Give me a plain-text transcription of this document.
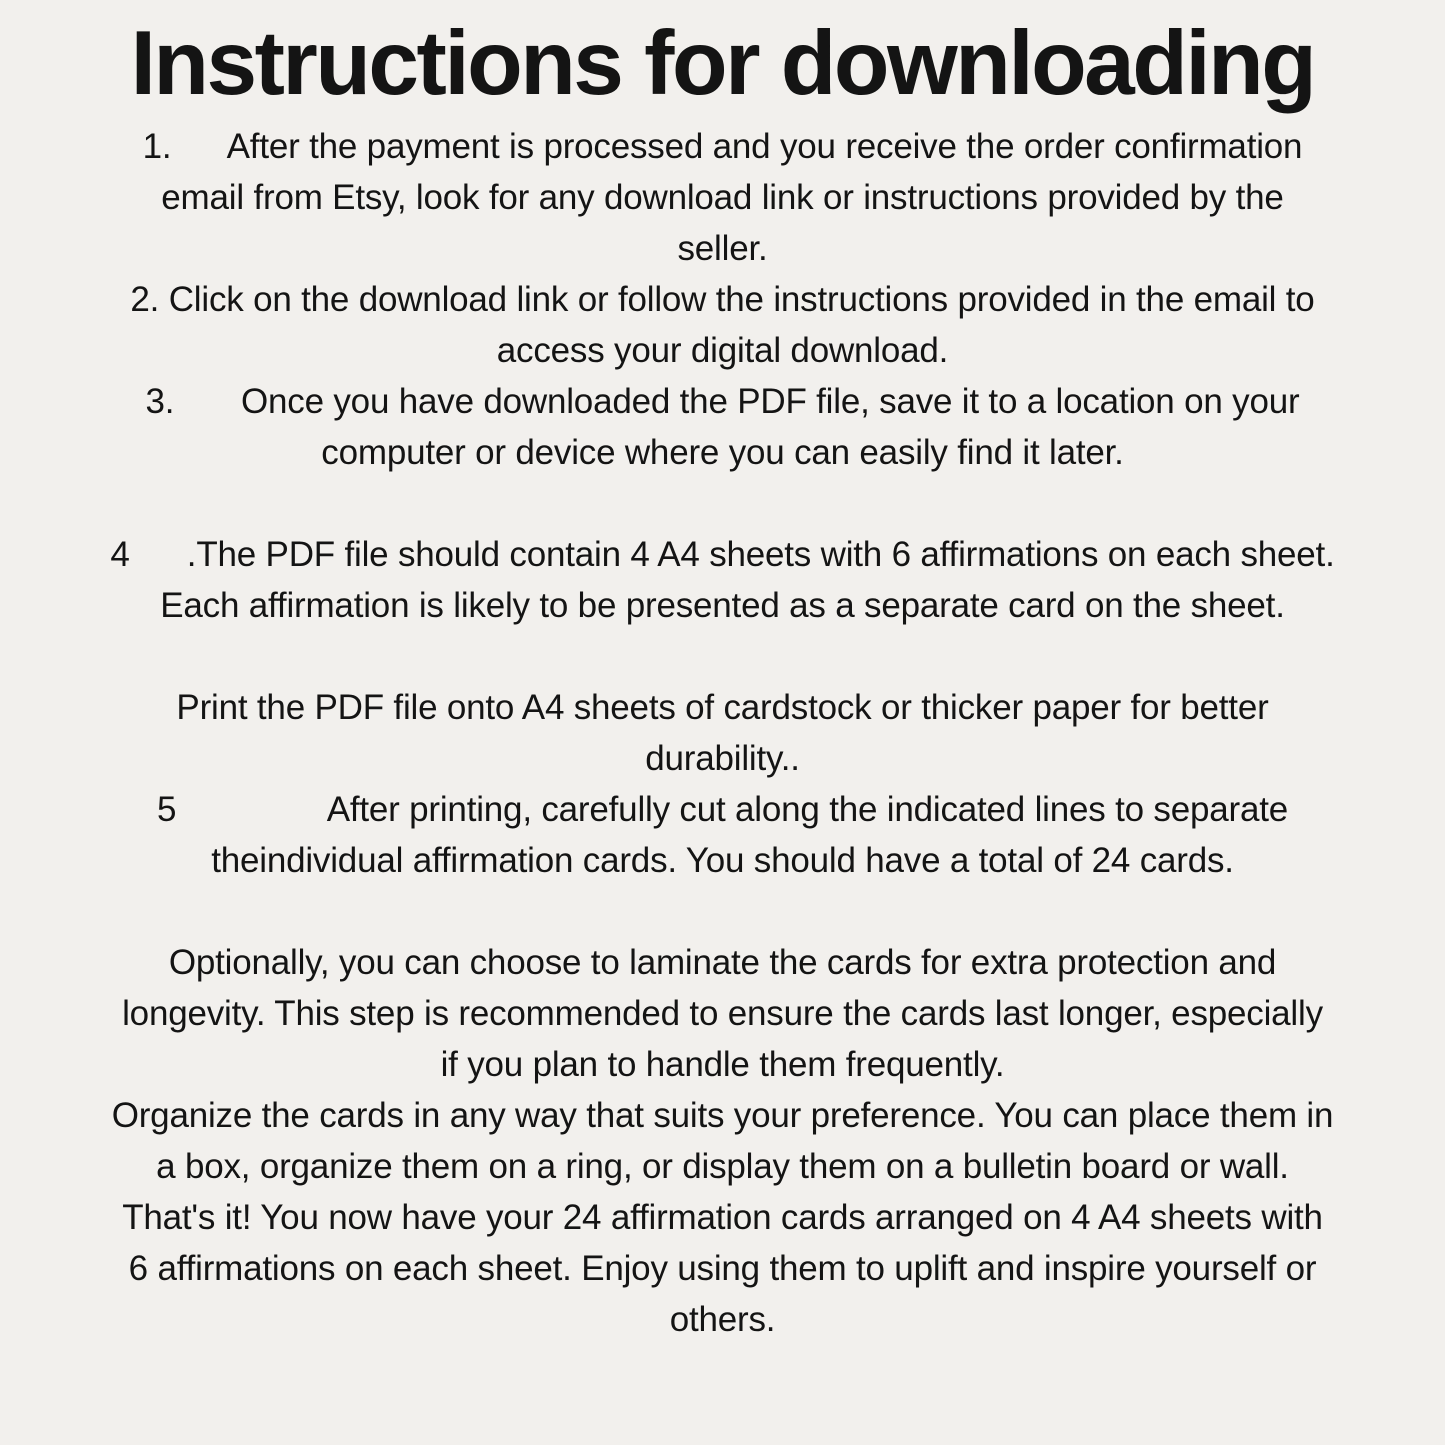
Instructions for downloading
1.      After the payment is processed and you receive the order confirmation
email from Etsy, look for any download link or instructions provided by the
seller.
2. Click on the download link or follow the instructions provided in the email to
access your digital download.
3.       Once you have downloaded the PDF file, save it to a location on your
computer or device where you can easily find it later.
4      .The PDF file should contain 4 A4 sheets with 6 affirmations on each sheet.
Each affirmation is likely to be presented as a separate card on the sheet.
Print the PDF file onto A4 sheets of cardstock or thicker paper for better
durability..
5                After printing, carefully cut along the indicated lines to separate
theindividual affirmation cards. You should have a total of 24 cards.
Optionally, you can choose to laminate the cards for extra protection and
longevity. This step is recommended to ensure the cards last longer, especially
if you plan to handle them frequently.
Organize the cards in any way that suits your preference. You can place them in
a box, organize them on a ring, or display them on a bulletin board or wall.
That's it! You now have your 24 affirmation cards arranged on 4 A4 sheets with
6 affirmations on each sheet. Enjoy using them to uplift and inspire yourself or
others.
